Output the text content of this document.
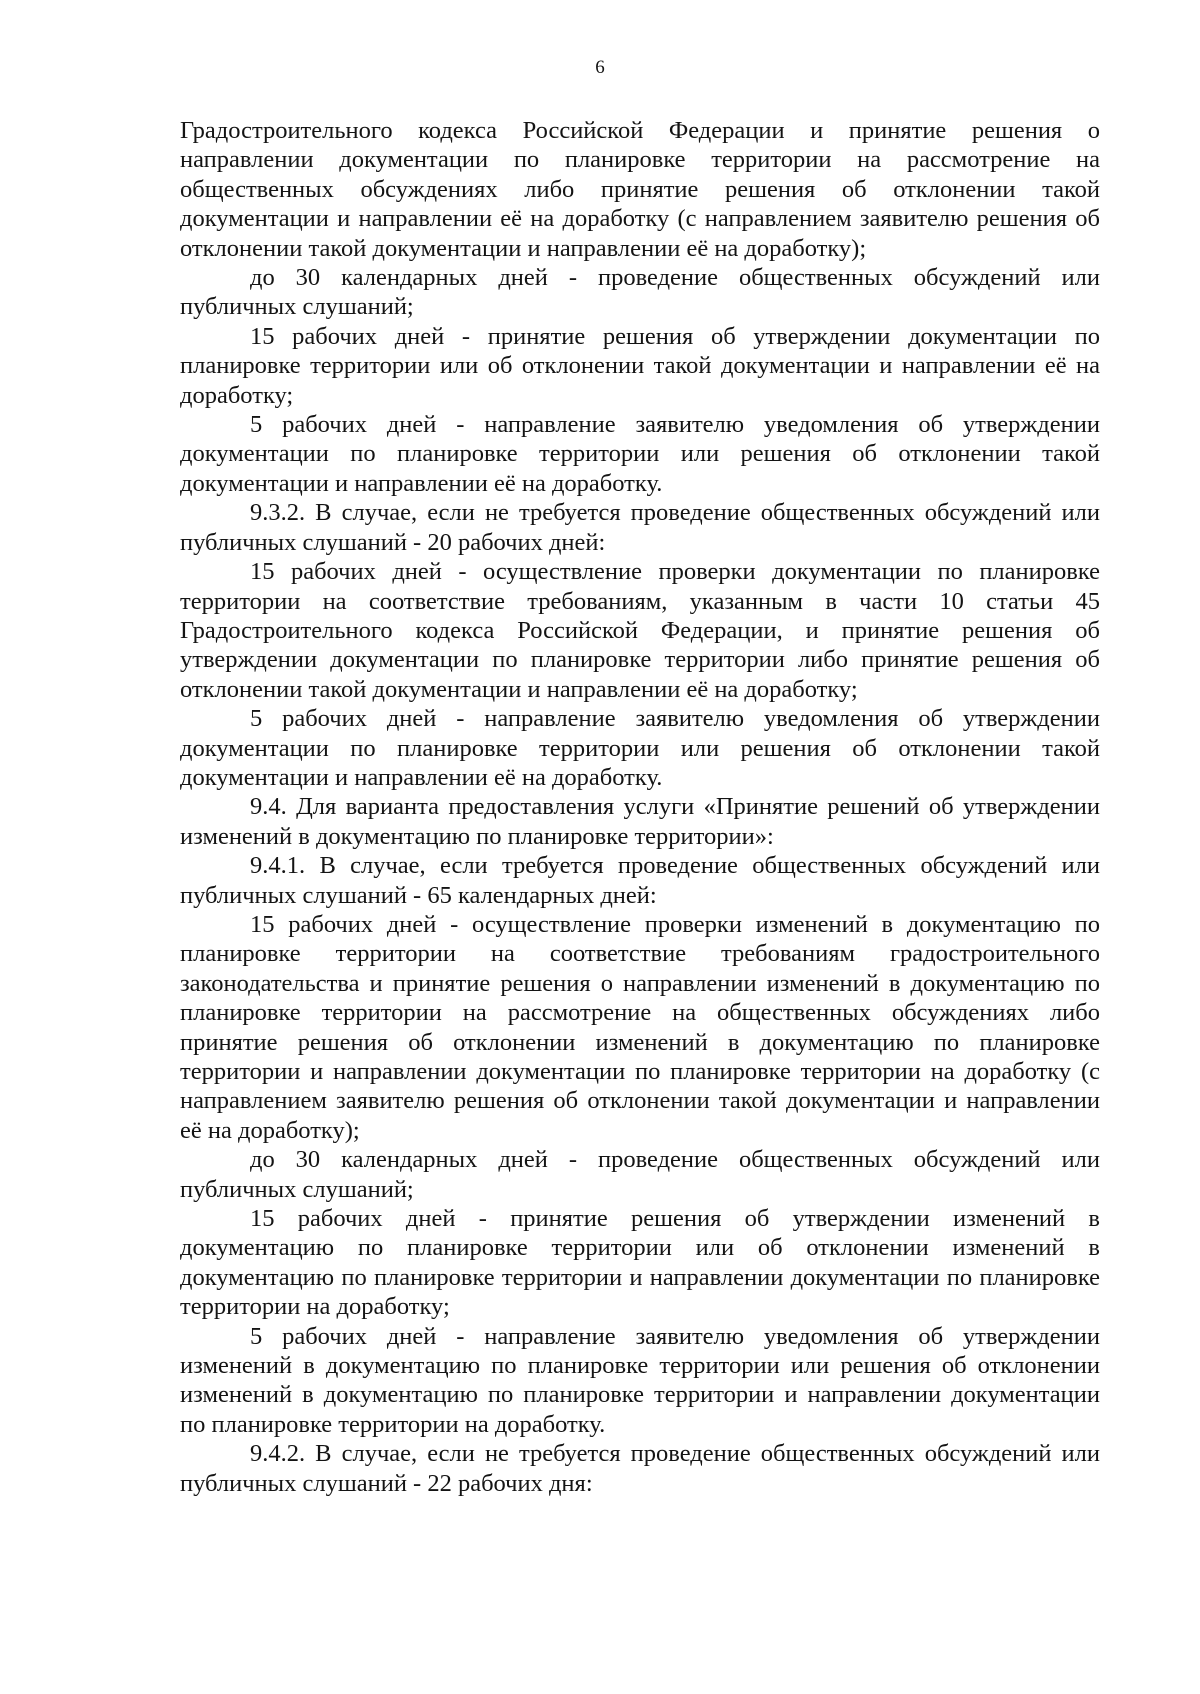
6

Градостроительного кодекса Российской Федерации и принятие решения о направлении документации по планировке территории на рассмотрение на общественных обсуждениях либо принятие решения об отклонении такой документации и направлении её на доработку (с направлением заявителю решения об отклонении такой документации и направлении её на доработку);

до 30 календарных дней - проведение общественных обсуждений или публичных слушаний;

15 рабочих дней - принятие решения об утверждении документации по планировке территории или об отклонении такой документации и направлении её на доработку;

5 рабочих дней - направление заявителю уведомления об утверждении документации по планировке территории или решения об отклонении такой документации и направлении её на доработку.

9.3.2. В случае, если не требуется проведение общественных обсуждений или публичных слушаний - 20 рабочих дней:

15 рабочих дней - осуществление проверки документации по планировке территории на соответствие требованиям, указанным в части 10 статьи 45 Градостроительного кодекса Российской Федерации, и принятие решения об утверждении документации по планировке территории либо принятие решения об отклонении такой документации и направлении её на доработку;

5 рабочих дней - направление заявителю уведомления об утверждении документации по планировке территории или решения об отклонении такой документации и направлении её на доработку.

9.4. Для варианта предоставления услуги «Принятие решений об утверждении изменений в документацию по планировке территории»:

9.4.1. В случае, если требуется проведение общественных обсуждений или публичных слушаний - 65 календарных дней:

15 рабочих дней - осуществление проверки изменений в документацию по планировке территории на соответствие требованиям градостроительного законодательства и принятие решения о направлении изменений в документацию по планировке территории на рассмотрение на общественных обсуждениях либо принятие решения об отклонении изменений в документацию по планировке территории и направлении документации по планировке территории на доработку (с направлением заявителю решения об отклонении такой документации и направлении её на доработку);

до 30 календарных дней - проведение общественных обсуждений или публичных слушаний;

15 рабочих дней - принятие решения об утверждении изменений в документацию по планировке территории или об отклонении изменений в документацию по планировке территории и направлении документации по планировке территории на доработку;

5 рабочих дней - направление заявителю уведомления об утверждении изменений в документацию по планировке территории или решения об отклонении изменений в документацию по планировке территории и направлении документации по планировке территории на доработку.

9.4.2. В случае, если не требуется проведение общественных обсуждений или публичных слушаний - 22 рабочих дня:
